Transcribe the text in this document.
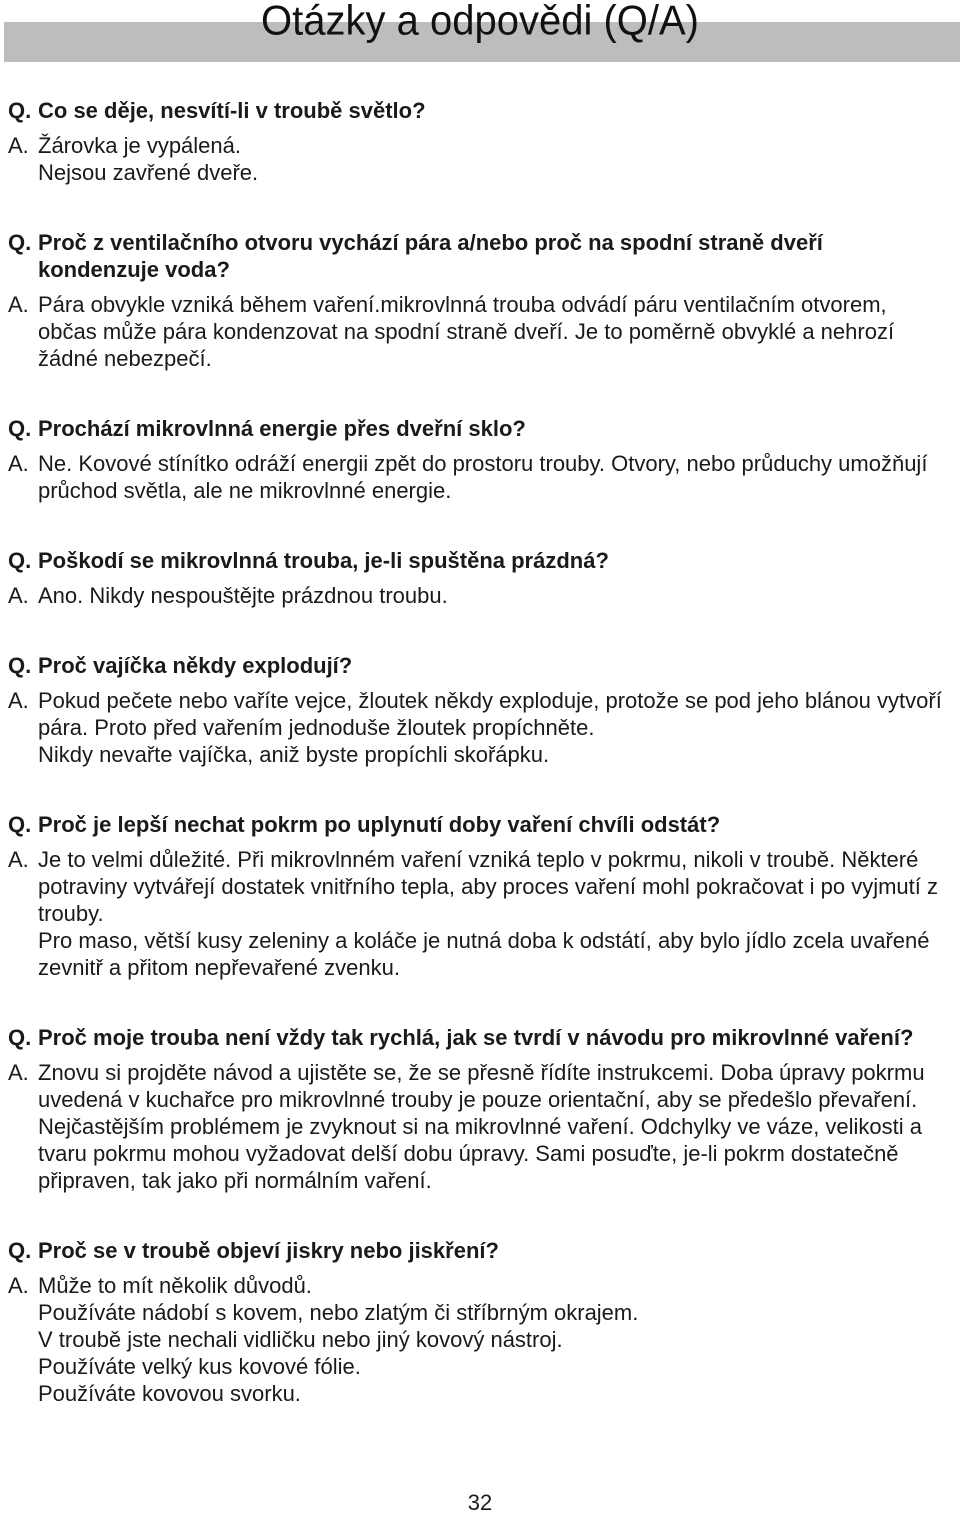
Otázky a odpovědi (Q/A)
Q. Co se děje, nesvítí-li v troubě světlo?
A. Žárovka je vypálená.
Nejsou zavřené dveře.
Q. Proč z ventilačního otvoru vychází pára a/nebo proč na spodní straně dveří kondenzuje voda?
A. Pára obvykle vzniká během vaření.mikrovlnná trouba odvádí páru ventilačním otvorem, občas může pára kondenzovat na spodní straně dveří. Je to poměrně obvyklé a nehrozí žádné nebezpečí.
Q. Prochází mikrovlnná energie přes dveřní sklo?
A. Ne. Kovové stínítko odráží energii zpět do prostoru trouby. Otvory, nebo průduchy umožňují průchod světla, ale ne mikrovlnné energie.
Q. Poškodí se mikrovlnná trouba, je-li spuštěna prázdná?
A. Ano. Nikdy nespouštějte prázdnou troubu.
Q. Proč vajíčka někdy explodují?
A. Pokud pečete nebo vaříte vejce, žloutek někdy exploduje, protože se pod jeho blánou vytvoří pára. Proto před vařením jednoduše žloutek propíchněte.
Nikdy nevařte vajíčka, aniž byste propíchli skořápku.
Q. Proč je lepší nechat pokrm po uplynutí doby vaření chvíli odstát?
A. Je to velmi důležité. Při mikrovlnném vaření vzniká teplo v pokrmu, nikoli v troubě. Některé potraviny vytvářejí dostatek vnitřního tepla, aby proces vaření mohl pokračovat i po vyjmutí z trouby.
Pro maso, větší kusy zeleniny a koláče je nutná doba k odstátí, aby bylo jídlo zcela uvařené zevnitř a přitom nepřevařené zvenku.
Q. Proč moje trouba není vždy tak rychlá, jak se tvrdí v návodu pro mikrovlnné vaření?
A. Znovu si projděte návod a ujistěte se, že se přesně řídíte instrukcemi. Doba úpravy pokrmu uvedená v kuchařce pro mikrovlnné trouby je pouze orientační, aby se předešlo převaření. Nejčastějším problémem je zvyknout si na mikrovlnné vaření. Odchylky ve váze, velikosti a tvaru pokrmu mohou vyžadovat delší dobu úpravy. Sami posuďte, je-li pokrm dostatečně připraven, tak jako při normálním vaření.
Q. Proč se v troubě objeví jiskry nebo jiskření?
A. Může to mít několik důvodů.
Používáte nádobí s kovem, nebo zlatým či stříbrným okrajem.
V troubě jste nechali vidličku nebo jiný kovový nástroj.
Používáte velký kus kovové fólie.
Používáte kovovou svorku.
32
